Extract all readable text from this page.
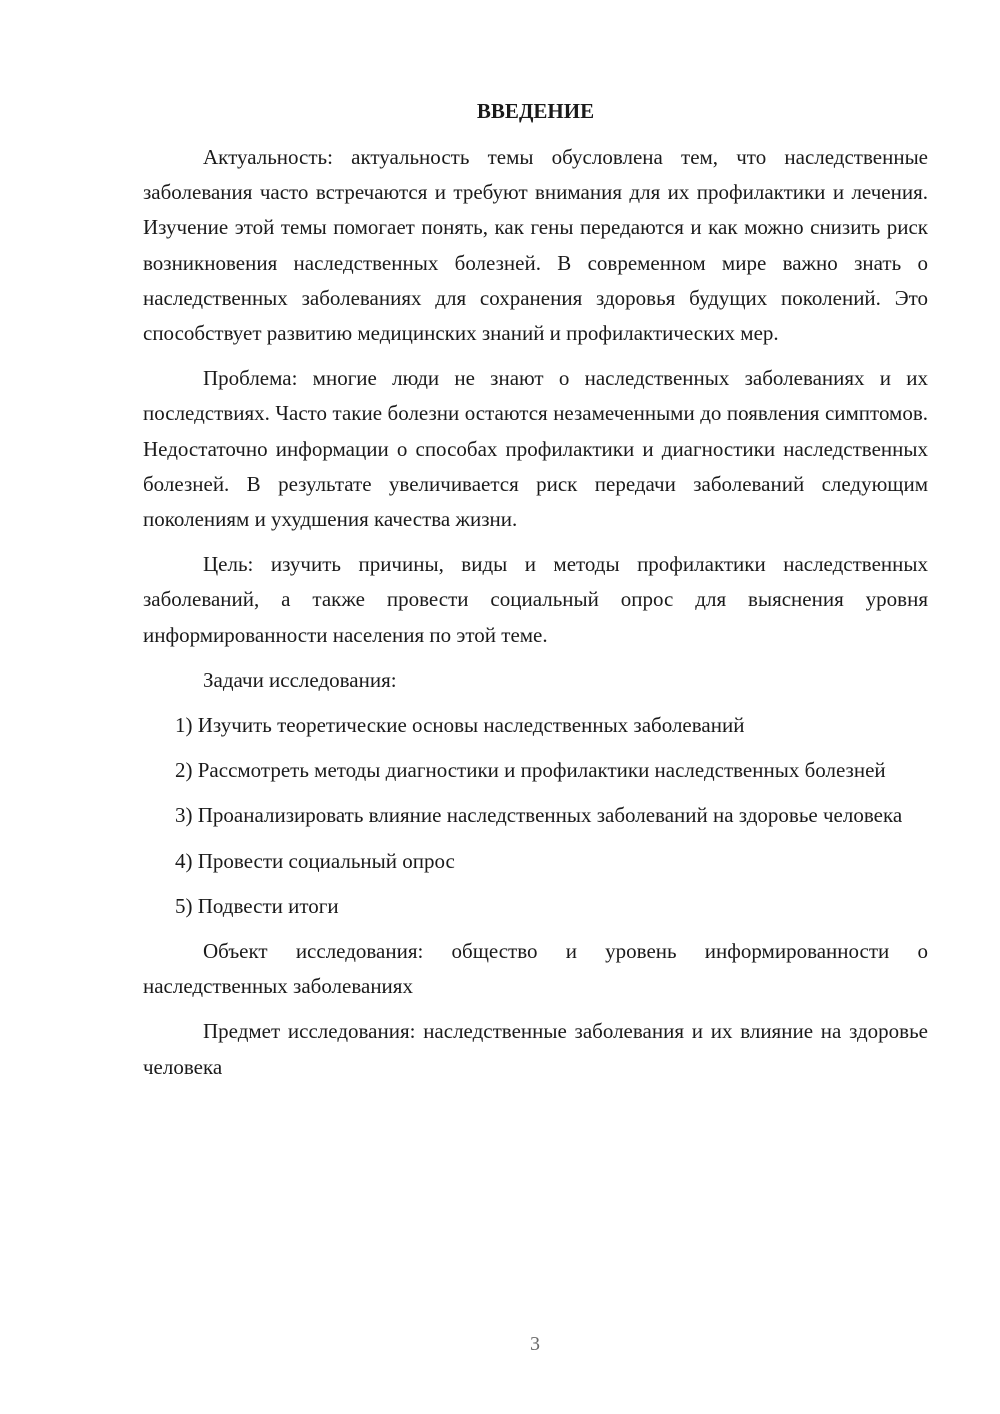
ВВЕДЕНИЕ

Актуальность: актуальность темы обусловлена тем, что наследственные заболевания часто встречаются и требуют внимания для их профилактики и лечения. Изучение этой темы помогает понять, как гены передаются и как можно снизить риск возникновения наследственных болезней. В современном мире важно знать о наследственных заболеваниях для сохранения здоровья будущих поколений. Это способствует развитию медицинских знаний и профилактических мер.

Проблема: многие люди не знают о наследственных заболеваниях и их последствиях. Часто такие болезни остаются незамеченными до появления симптомов. Недостаточно информации о способах профилактики и диагностики наследственных болезней. В результате увеличивается риск передачи заболеваний следующим поколениям и ухудшения качества жизни.

Цель: изучить причины, виды и методы профилактики наследственных заболеваний, а также провести социальный опрос для выяснения уровня информированности населения по этой теме.

Задачи исследования:

1) Изучить теоретические основы наследственных заболеваний

2) Рассмотреть методы диагностики и профилактики наследственных болезней

3) Проанализировать влияние наследственных заболеваний на здоровье человека

4) Провести социальный опрос

5) Подвести итоги

Объект исследования: общество и уровень информированности о наследственных заболеваниях

Предмет исследования: наследственные заболевания и их влияние на здоровье человека

3
